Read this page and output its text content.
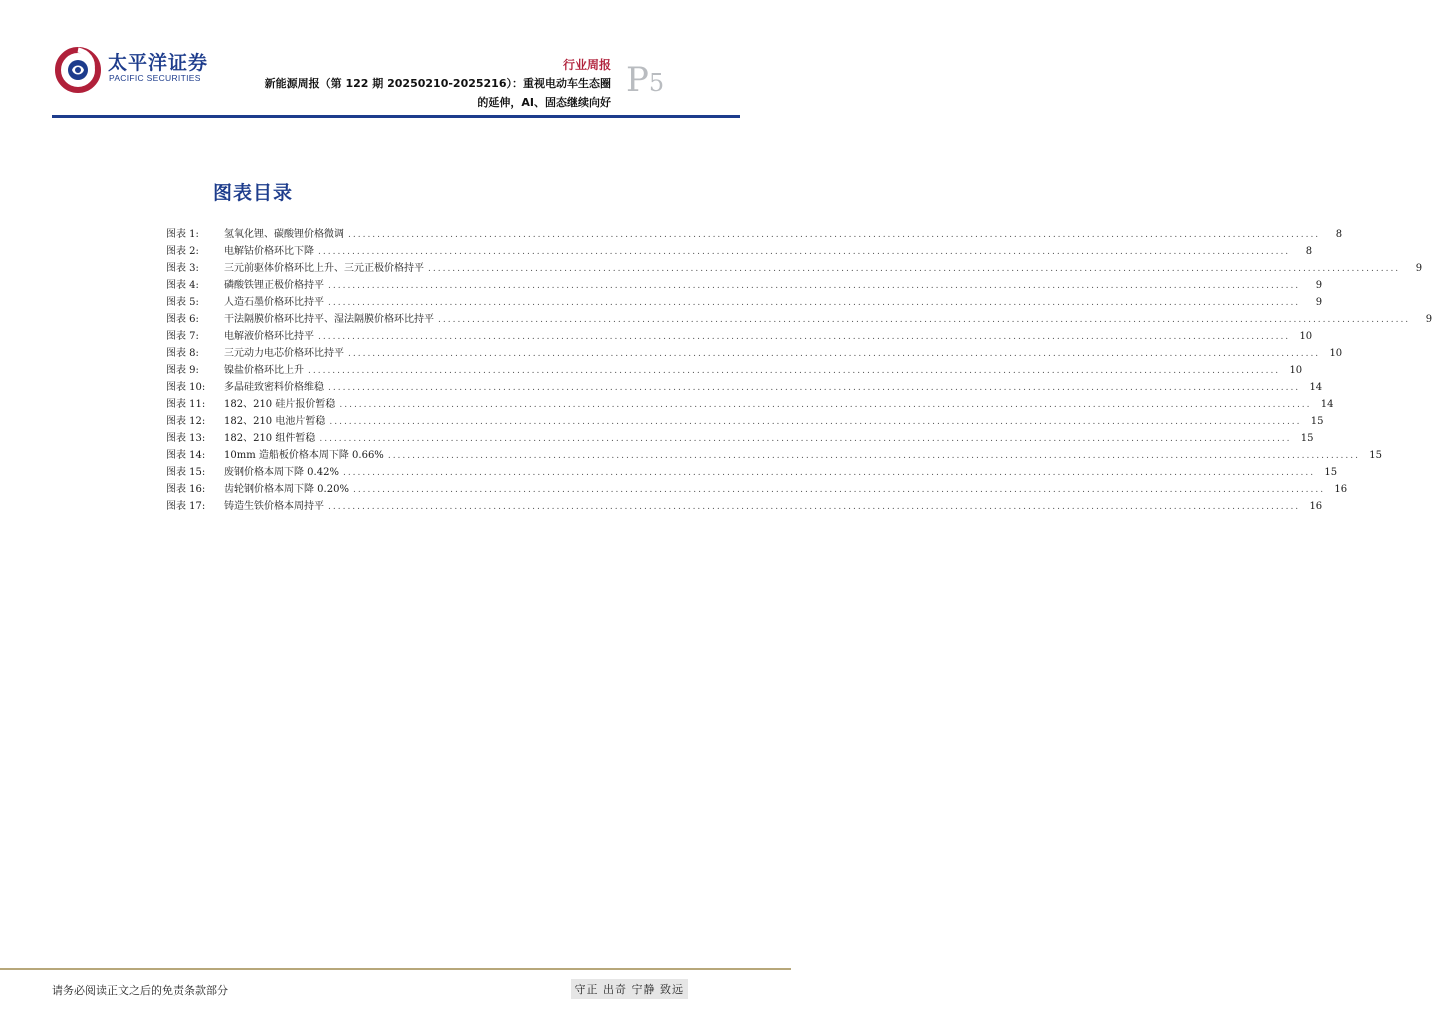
太平洋证券
PACIFIC SECURITIES
行业周报
新能源周报（第 122 期 20250210-2025216）：重视电动车生态圈
的延伸，AI、固态继续向好
P5
图表目录
图表 1:	氢氧化锂、碳酸锂价格微调 ........................................................................................................................................................................................................	8
图表 2:	电解钴价格环比下降 ........................................................................................................................................................................................................	8
图表 3:	三元前驱体价格环比上升、三元正极价格持平 ........................................................................................................................................................................................................	9
图表 4:	磷酸铁锂正极价格持平 ........................................................................................................................................................................................................	9
图表 5:	人造石墨价格环比持平 ........................................................................................................................................................................................................	9
图表 6:	干法隔膜价格环比持平、湿法隔膜价格环比持平 ........................................................................................................................................................................................................	9
图表 7:	电解液价格环比持平 ........................................................................................................................................................................................................ 10
图表 8:	三元动力电芯价格环比持平 ........................................................................................................................................................................................................ 10
图表 9:	镍盐价格环比上升 ........................................................................................................................................................................................................ 10
图表 10:	多晶硅致密料价格维稳 ........................................................................................................................................................................................................ 14
图表 11:	182、210 硅片报价暂稳 ........................................................................................................................................................................................................ 14
图表 12:	182、210 电池片暂稳 ........................................................................................................................................................................................................ 15
图表 13:	182、210 组件暂稳 ........................................................................................................................................................................................................ 15
图表 14:	10mm 造船板价格本周下降 0.66% ........................................................................................................................................................................................................ 15
图表 15:	废钢价格本周下降 0.42% ........................................................................................................................................................................................................ 15
图表 16:	齿轮钢价格本周下降 0.20% ........................................................................................................................................................................................................ 16
图表 17:	铸造生铁价格本周持平 ........................................................................................................................................................................................................ 16
请务必阅读正文之后的免责条款部分	守正 出奇 宁静 致远
